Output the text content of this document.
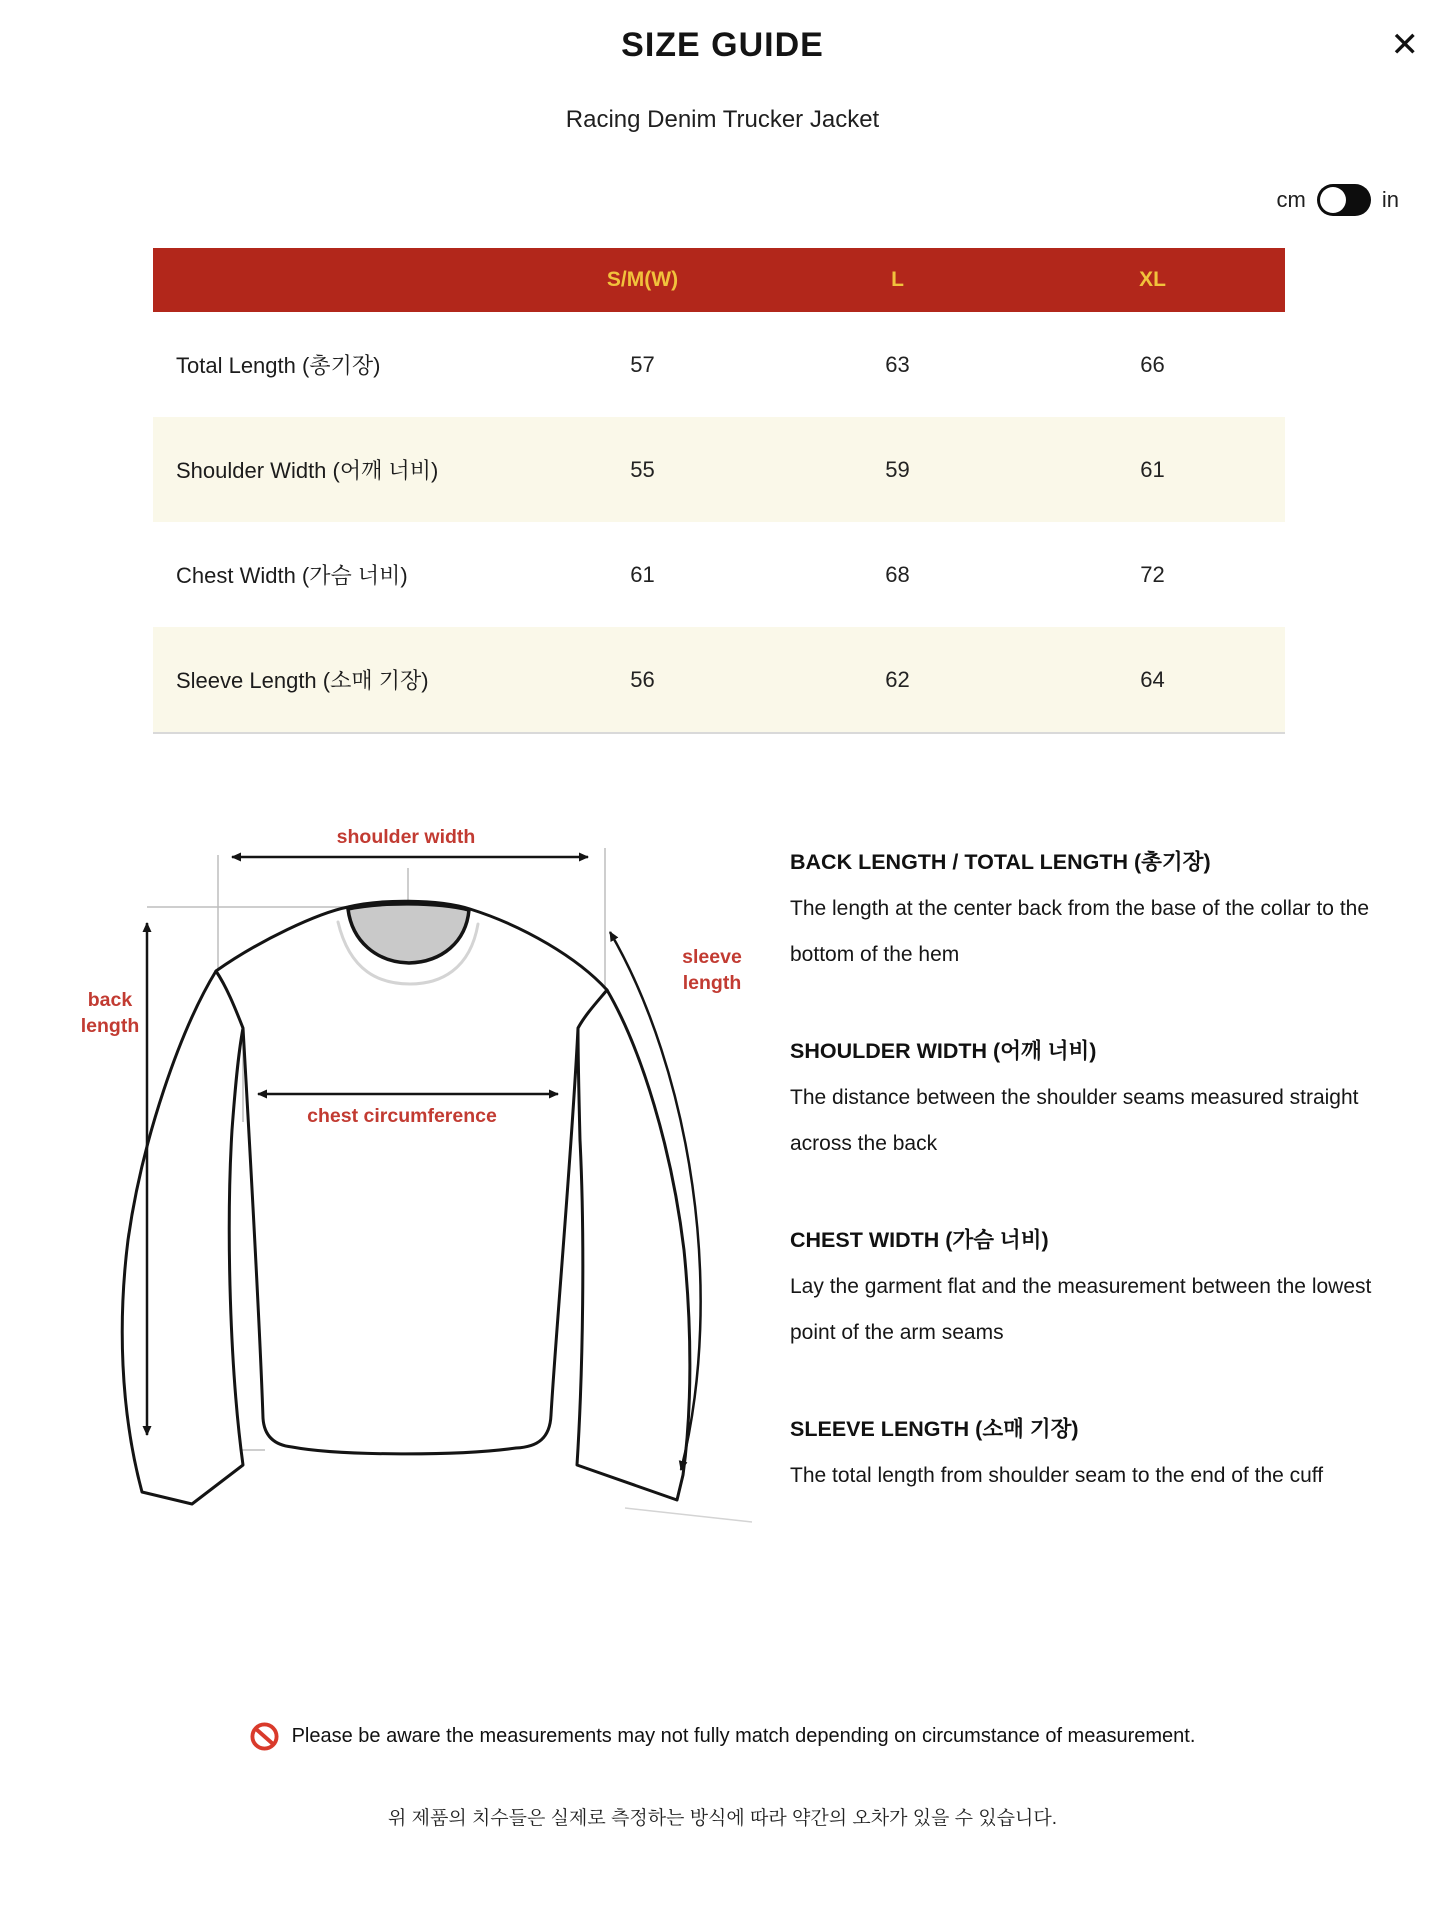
SIZE GUIDE
Racing Denim Trucker Jacket
✕
cm	in
S/M(W)	L	XL
Total Length (총기장)	57	63	66
Shoulder Width (어깨 너비)	55	59	61
Chest Width (가슴 너비)	61	68	72
Sleeve Length (소매 기장)	56	62	64
shoulder width
back
length
chest circumference
sleeve
length

BACK LENGTH / TOTAL LENGTH (총기장)

The length at the center back from the base of the collar to the bottom of the hem

SHOULDER WIDTH (어깨 너비)

The distance between the shoulder seams measured straight across the back

CHEST WIDTH (가슴 너비)

Lay the garment flat and the measurement between the lowest point of the arm seams

SLEEVE LENGTH (소매 기장)

The total length from shoulder seam to the end of the cuff

Please be aware the measurements may not fully match depending on circumstance of measurement.
위 제품의 치수들은 실제로 측정하는 방식에 따라 약간의 오차가 있을 수 있습니다.
